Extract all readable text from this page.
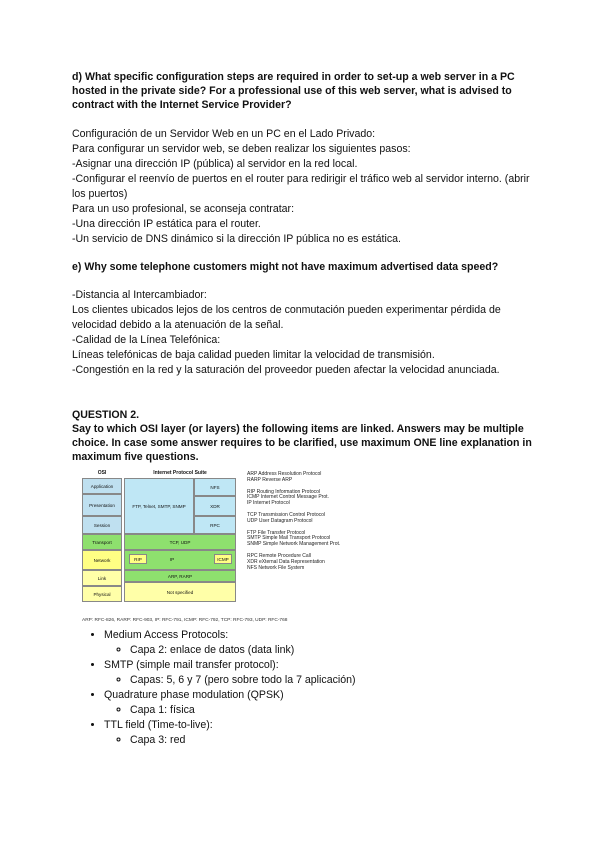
d) What specific configuration steps are required in order to set-up a web server in a PC hosted in the private side? For a professional use of this web server, what is advised to contract with the Internet Service Provider?

Configuración de un Servidor Web en un PC en el Lado Privado:

Para configurar un servidor web, se deben realizar los siguientes pasos:

-Asignar una dirección IP (pública) al servidor en la red local.

-Configurar el reenvío de puertos en el router para redirigir el tráfico web al servidor interno. (abrir los puertos)

Para un uso profesional, se aconseja contratar:

-Una dirección IP estática para el router.

-Un servicio de DNS dinámico si la dirección IP pública no es estática.

e) Why some telephone customers might not have maximum advertised data speed?

-Distancia al Intercambiador:

Los clientes ubicados lejos de los centros de conmutación pueden experimentar pérdida de velocidad debido a la atenuación de la señal.

-Calidad de la Línea Telefónica:

Líneas telefónicas de baja calidad pueden limitar la velocidad de transmisión.

-Congestión en la red y la saturación del proveedor pueden afectar la velocidad anunciada.

QUESTION 2.

Say to which OSI layer (or layers) the following items are linked. Answers may be multiple choice. In case some answer requires to be clarified, use maximum ONE line explanation in maximum five questions.

OSI	Internet Protocol Suite
Application
Presentation
Session
Transport
Network
Link
Physical
FTP, Telnet, SMTP, SNMP
NFS
XDR
RPC
TCP, UDP
RIP	IP	ICMP
ARP, RARP
Not specified
ARP Address Resolution Protocol
RARP Reverse ARP
RIP Routing Information Protocol
ICMP Internet Control Message Prot.
IP Internet Protocol
TCP Transmission Control Protocol
UDP User Datagram Protocol
FTP File Transfer Protocol
SMTP Simple Mail Transport Protocol
SNMP Simple Network Management Prot.
RPC Remote Procedure Call
XDR eXternal Data Representation
NFS Network File System
ARP: RFC-826, RARP: RFC-903, IP: RFC-791, ICMP: RFC-792, TCP: RFC-793, UDP: RFC-768
• Medium Access Protocols:
◦ Capa 2: enlace de datos (data link)
• SMTP (simple mail transfer protocol):
◦ Capas: 5, 6 y 7 (pero sobre todo la 7 aplicación)
• Quadrature phase modulation (QPSK)
◦ Capa 1: física
• TTL field (Time-to-live):
◦ Capa 3: red
